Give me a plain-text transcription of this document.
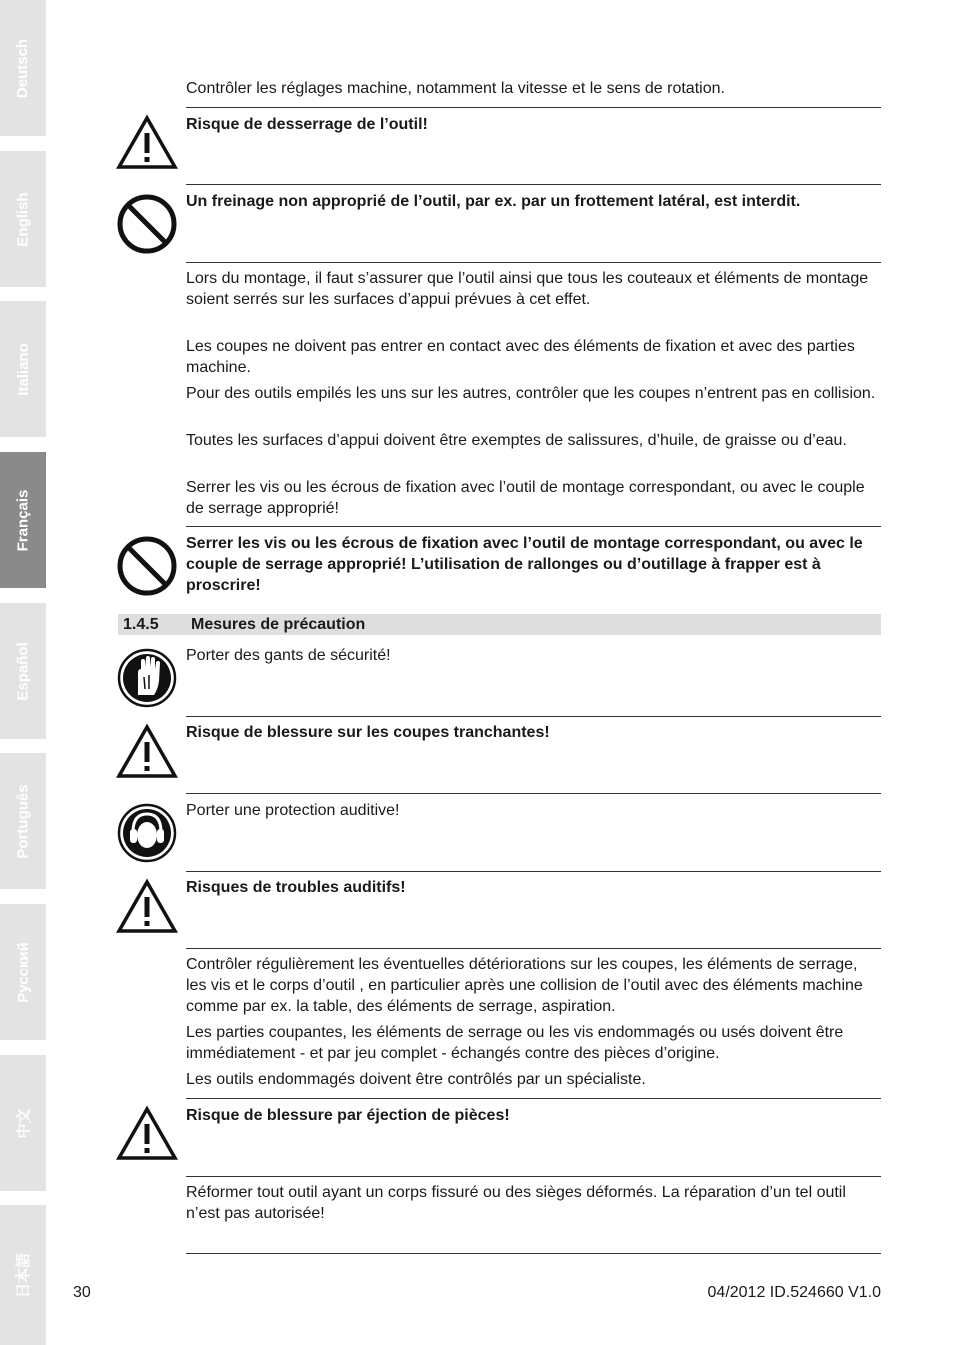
Deutsch
English
Italiano
Français
Español
Português
Русский
中文
日本語

Contrôler les réglages machine, notamment la vitesse et le sens de rotation.

Risque de desserrage de l’outil!

Un freinage non approprié de l’outil, par ex. par un frottement latéral, est interdit.

Lors du montage, il faut s’assurer que l’outil ainsi que tous les couteaux et éléments de montage soient serrés sur les surfaces d’appui prévues à cet effet.

Les coupes ne doivent pas entrer en contact avec des éléments de fixation et avec des parties machine.

Pour des outils empilés les uns sur les autres, contrôler que les coupes n’entrent pas en collision.

Toutes les surfaces d’appui doivent être exemptes de salissures, d’huile, de graisse ou d’eau.

Serrer les vis ou les écrous de fixation avec l’outil de montage correspondant, ou avec le couple de serrage approprié!

Serrer les vis ou les écrous de fixation avec l’outil de montage correspondant, ou avec le couple de serrage approprié! L’utilisation de rallonges ou d’outillage à frapper est à proscrire!

1.4.5 Mesures de précaution

Porter des gants de sécurité!

Risque de blessure sur les coupes tranchantes!

Porter une protection auditive!

Risques de troubles auditifs!

Contrôler régulièrement les éventuelles détériorations sur les coupes, les éléments de serrage, les vis et le corps d’outil , en particulier après une collision de l’outil avec des éléments machine comme par ex. la table, des éléments de serrage, aspiration.

Les parties coupantes, les éléments de serrage ou les vis endommagés ou usés doivent être immédiatement - et par jeu complet - échangés contre des pièces d’origine.

Les outils endommagés doivent être contrôlés par un spécialiste.

Risque de blessure par éjection de pièces!

Réformer tout outil ayant un corps fissuré ou des sièges déformés. La réparation d’un tel outil n’est pas autorisée!

30	04/2012 ID.524660 V1.0
